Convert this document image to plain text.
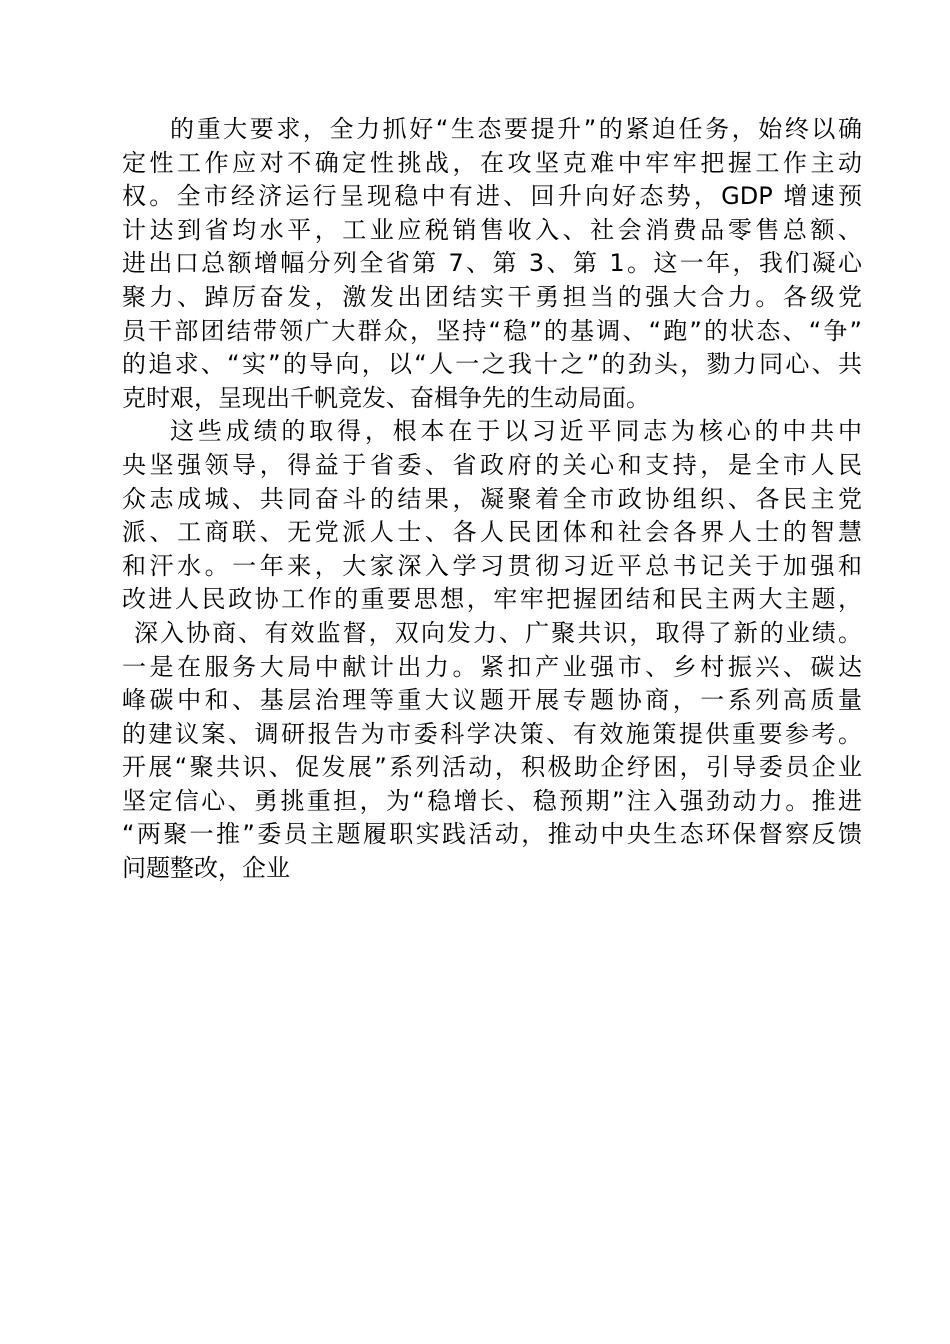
的重大要求，全力抓好“生态要提升”的紧迫任务，始终以确
定性工作应对不确定性挑战，在攻坚克难中牢牢把握工作主动
权。全市经济运行呈现稳中有进、回升向好态势，GDP 增速预
计达到省均水平，工业应税销售收入、社会消费品零售总额、
进出口总额增幅分列全省第 7、第 3、第 1。这一年，我们凝心
聚力、踔厉奋发，激发出团结实干勇担当的强大合力。各级党
员干部团结带领广大群众，坚持“稳”的基调、“跑”的状态、“争”
的追求、“实”的导向，以“人一之我十之”的劲头，勠力同心、共
克时艰，呈现出千帆竞发、奋楫争先的生动局面。
这些成绩的取得，根本在于以习近平同志为核心的中共中
央坚强领导，得益于省委、省政府的关心和支持，是全市人民
众志成城、共同奋斗的结果，凝聚着全市政协组织、各民主党
派、工商联、无党派人士、各人民团体和社会各界人士的智慧
和汗水。一年来，大家深入学习贯彻习近平总书记关于加强和
改进人民政协工作的重要思想，牢牢把握团结和民主两大主题，
深入协商、有效监督，双向发力、广聚共识，取得了新的业绩。
一是在服务大局中献计出力。紧扣产业强市、乡村振兴、碳达
峰碳中和、基层治理等重大议题开展专题协商，一系列高质量
的建议案、调研报告为市委科学决策、有效施策提供重要参考。
开展“聚共识、促发展”系列活动，积极助企纾困，引导委员企业
坚定信心、勇挑重担，为“稳增长、稳预期”注入强劲动力。推进
“两聚一推”委员主题履职实践活动，推动中央生态环保督察反馈
问题整改，企业
